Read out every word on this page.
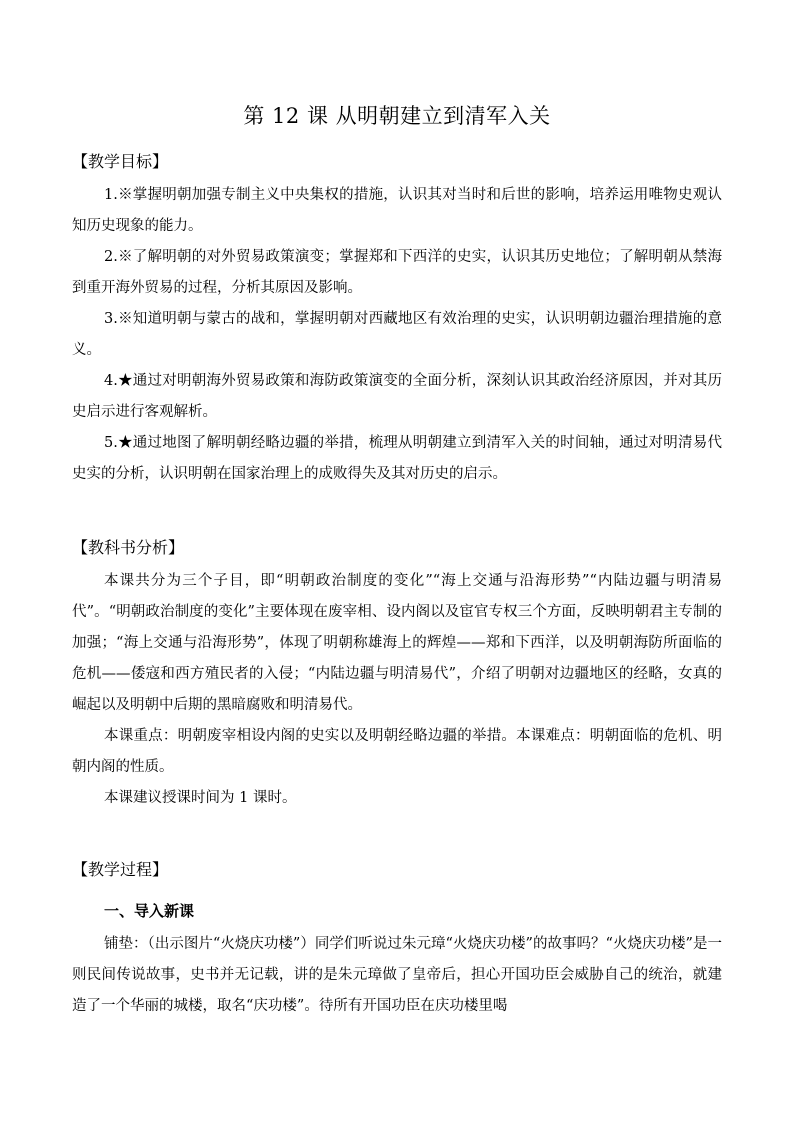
第 12 课 从明朝建立到清军入关
【教学目标】

1.※掌握明朝加强专制主义中央集权的措施，认识其对当时和后世的影响，培养运用唯物史观认知历史现象的能力。

2.※了解明朝的对外贸易政策演变；掌握郑和下西洋的史实，认识其历史地位；了解明朝从禁海到重开海外贸易的过程，分析其原因及影响。

3.※知道明朝与蒙古的战和，掌握明朝对西藏地区有效治理的史实，认识明朝边疆治理措施的意义。

4.★通过对明朝海外贸易政策和海防政策演变的全面分析，深刻认识其政治经济原因，并对其历史启示进行客观解析。

5.★通过地图了解明朝经略边疆的举措，梳理从明朝建立到清军入关的时间轴，通过对明清易代史实的分析，认识明朝在国家治理上的成败得失及其对历史的启示。

【教科书分析】

本课共分为三个子目，即“明朝政治制度的变化”“海上交通与沿海形势”“内陆边疆与明清易代”。“明朝政治制度的变化”主要体现在废宰相、设内阁以及宦官专权三个方面，反映明朝君主专制的加强；“海上交通与沿海形势”，体现了明朝称雄海上的辉煌——郑和下西洋，以及明朝海防所面临的危机——倭寇和西方殖民者的入侵；“内陆边疆与明清易代”，介绍了明朝对边疆地区的经略，女真的崛起以及明朝中后期的黑暗腐败和明清易代。

本课重点：明朝废宰相设内阁的史实以及明朝经略边疆的举措。本课难点：明朝面临的危机、明朝内阁的性质。

本课建议授课时间为 1 课时。

【教学过程】
一、导入新课

铺垫：（出示图片“火烧庆功楼”）同学们听说过朱元璋“火烧庆功楼”的故事吗？“火烧庆功楼”是一则民间传说故事，史书并无记载，讲的是朱元璋做了皇帝后，担心开国功臣会威胁自己的统治，就建造了一个华丽的城楼，取名“庆功楼”。待所有开国功臣在庆功楼里喝
